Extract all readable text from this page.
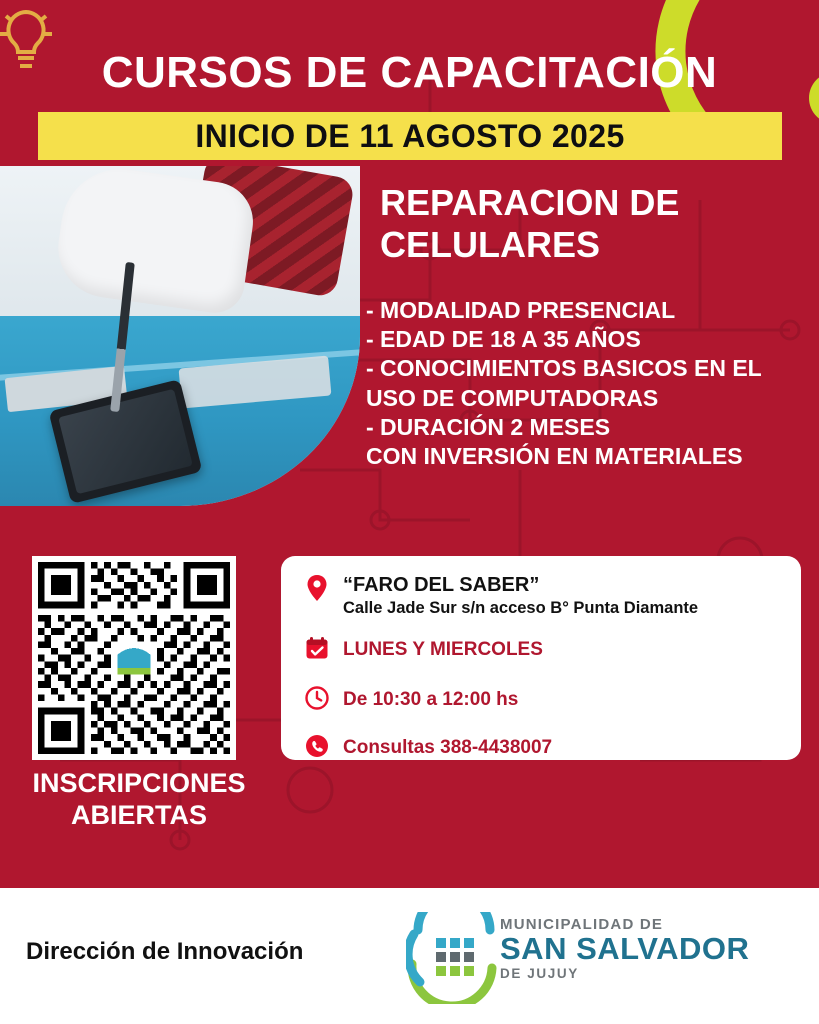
CURSOS DE CAPACITACIÓN
INICIO DE 11 AGOSTO 2025
REPARACION DE CELULARES
- MODALIDAD PRESENCIAL
- EDAD DE 18 A 35 AÑOS
- CONOCIMIENTOS BASICOS EN EL USO DE COMPUTADORAS
- DURACIÓN 2 MESES
CON INVERSIÓN EN MATERIALES
INSCRIPCIONES ABIERTAS
“FARO DEL SABER”
Calle Jade Sur s/n acceso B° Punta Diamante
LUNES Y MIERCOLES
De 10:30 a 12:00 hs
Consultas 388-4438007
Dirección de Innovación
MUNICIPALIDAD DE
SAN SALVADOR
DE JUJUY
